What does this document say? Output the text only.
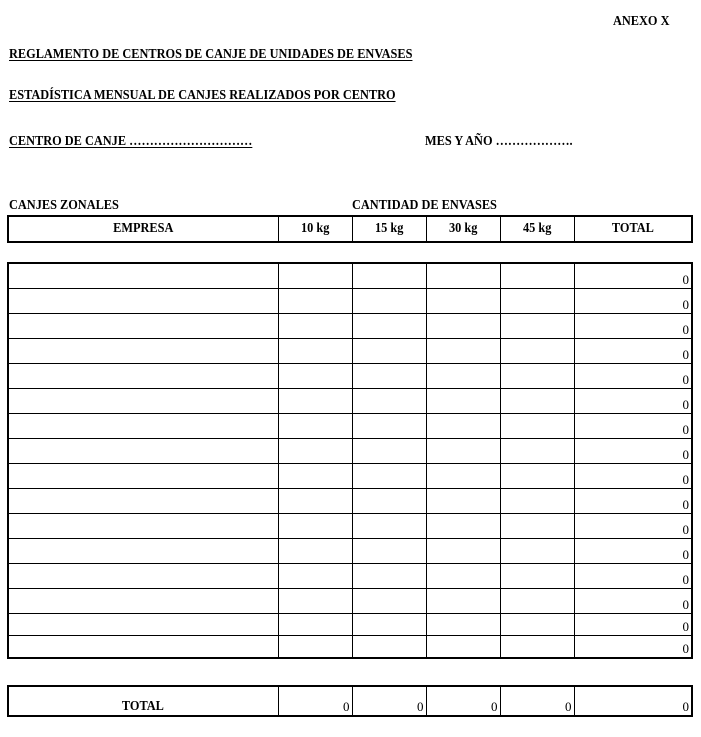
ANEXO X
REGLAMENTO DE CENTROS DE CANJE DE UNIDADES DE ENVASES
ESTADÍSTICA MENSUAL DE CANJES REALIZADOS POR CENTRO
CENTRO DE CANJE …………………………	MES Y AÑO ……………….
CANJES ZONALES	CANTIDAD DE ENVASES
EMPRESA	10 kg	15 kg	30 kg	45 kg	TOTAL
					0
					0
					0
					0
					0
					0
					0
					0
					0
					0
					0
					0
					0
					0
					0
					0
TOTAL	0	0	0	0	0
